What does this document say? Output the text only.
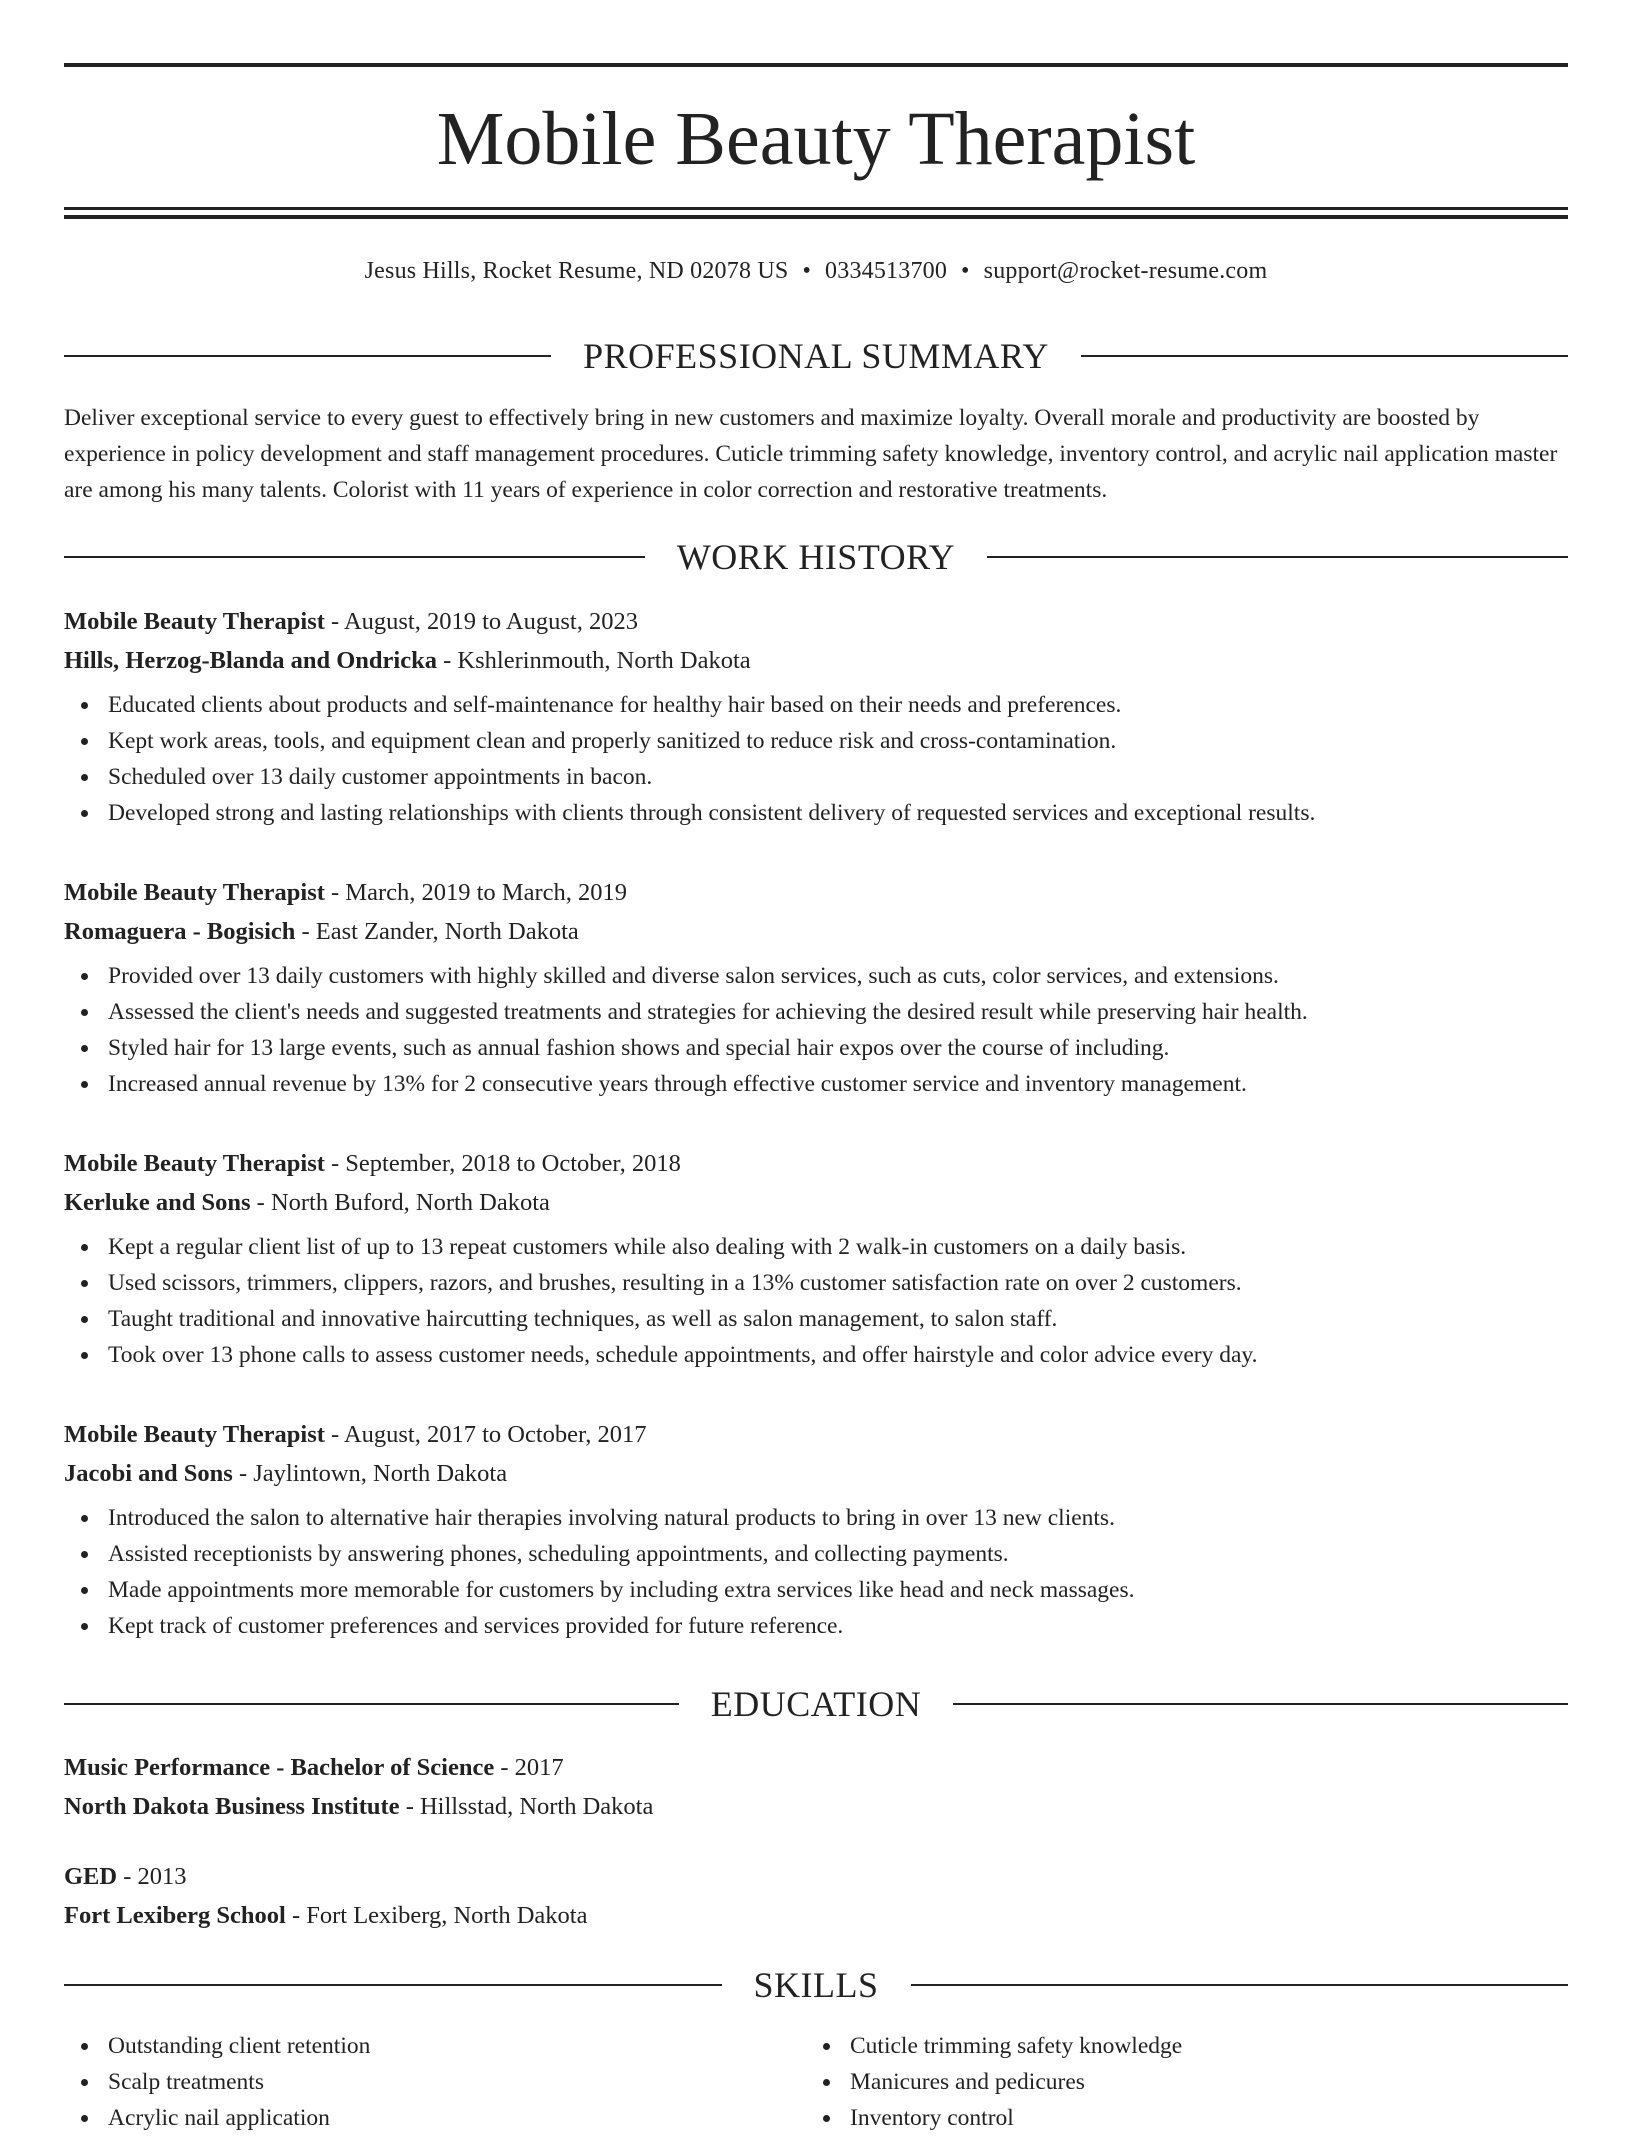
Mobile Beauty Therapist
Jesus Hills, Rocket Resume, ND 02078 US • 0334513700 • support@rocket-resume.com
PROFESSIONAL SUMMARY

Deliver exceptional service to every guest to effectively bring in new customers and maximize loyalty. Overall morale and productivity are boosted by experience in policy development and staff management procedures. Cuticle trimming safety knowledge, inventory control, and acrylic nail application master are among his many talents. Colorist with 11 years of experience in color correction and restorative treatments.

WORK HISTORY
Mobile Beauty Therapist - August, 2019 to August, 2023
Hills, Herzog-Blanda and Ondricka - Kshlerinmouth, North Dakota
Educated clients about products and self-maintenance for healthy hair based on their needs and preferences.
Kept work areas, tools, and equipment clean and properly sanitized to reduce risk and cross-contamination.
Scheduled over 13 daily customer appointments in bacon.
Developed strong and lasting relationships with clients through consistent delivery of requested services and exceptional results.
Mobile Beauty Therapist - March, 2019 to March, 2019
Romaguera - Bogisich - East Zander, North Dakota
Provided over 13 daily customers with highly skilled and diverse salon services, such as cuts, color services, and extensions.
Assessed the client's needs and suggested treatments and strategies for achieving the desired result while preserving hair health.
Styled hair for 13 large events, such as annual fashion shows and special hair expos over the course of including.
Increased annual revenue by 13% for 2 consecutive years through effective customer service and inventory management.
Mobile Beauty Therapist - September, 2018 to October, 2018
Kerluke and Sons - North Buford, North Dakota
Kept a regular client list of up to 13 repeat customers while also dealing with 2 walk-in customers on a daily basis.
Used scissors, trimmers, clippers, razors, and brushes, resulting in a 13% customer satisfaction rate on over 2 customers.
Taught traditional and innovative haircutting techniques, as well as salon management, to salon staff.
Took over 13 phone calls to assess customer needs, schedule appointments, and offer hairstyle and color advice every day.
Mobile Beauty Therapist - August, 2017 to October, 2017
Jacobi and Sons - Jaylintown, North Dakota
Introduced the salon to alternative hair therapies involving natural products to bring in over 13 new clients.
Assisted receptionists by answering phones, scheduling appointments, and collecting payments.
Made appointments more memorable for customers by including extra services like head and neck massages.
Kept track of customer preferences and services provided for future reference.
EDUCATION
Music Performance - Bachelor of Science - 2017
North Dakota Business Institute - Hillsstad, North Dakota
GED - 2013
Fort Lexiberg School - Fort Lexiberg, North Dakota
SKILLS
Outstanding client retention
Scalp treatments
Acrylic nail application
Cuticle trimming safety knowledge
Manicures and pedicures
Inventory control
